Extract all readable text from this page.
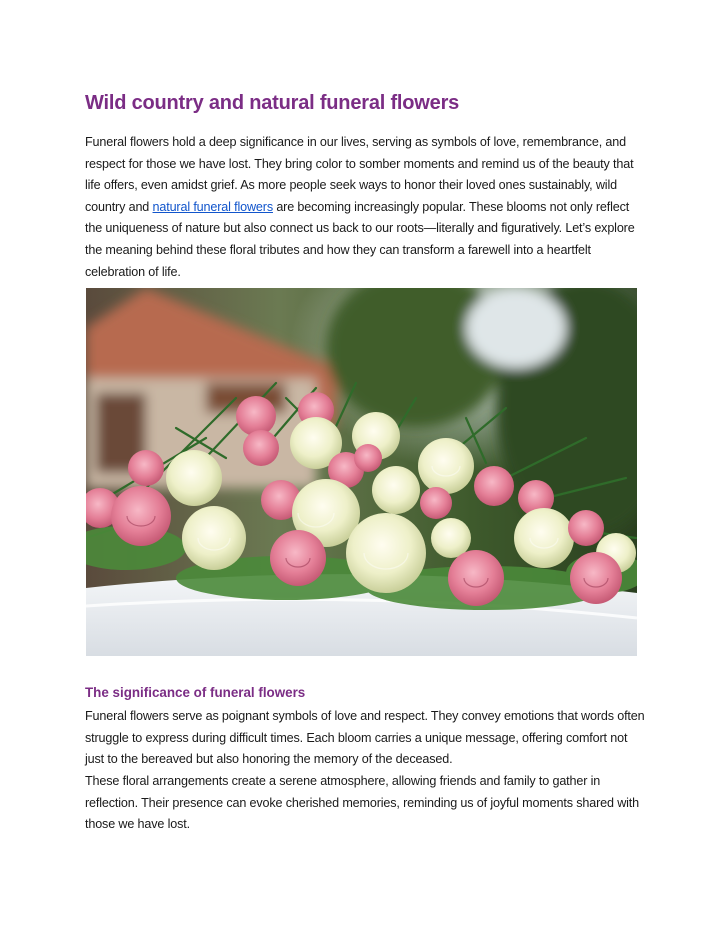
Wild country and natural funeral flowers

Funeral flowers hold a deep significance in our lives, serving as symbols of love, remembrance, and respect for those we have lost. They bring color to somber moments and remind us of the beauty that life offers, even amidst grief. As more people seek ways to honor their loved ones sustainably, wild country and natural funeral flowers are becoming increasingly popular. These blooms not only reflect the uniqueness of nature but also connect us back to our roots—literally and figuratively. Let’s explore the meaning behind these floral tributes and how they can transform a farewell into a heartfelt celebration of life.

The significance of funeral flowers

Funeral flowers serve as poignant symbols of love and respect. They convey emotions that words often struggle to express during difficult times. Each bloom carries a unique message, offering comfort not just to the bereaved but also honoring the memory of the deceased.

These floral arrangements create a serene atmosphere, allowing friends and family to gather in reflection. Their presence can evoke cherished memories, reminding us of joyful moments shared with those we have lost.
